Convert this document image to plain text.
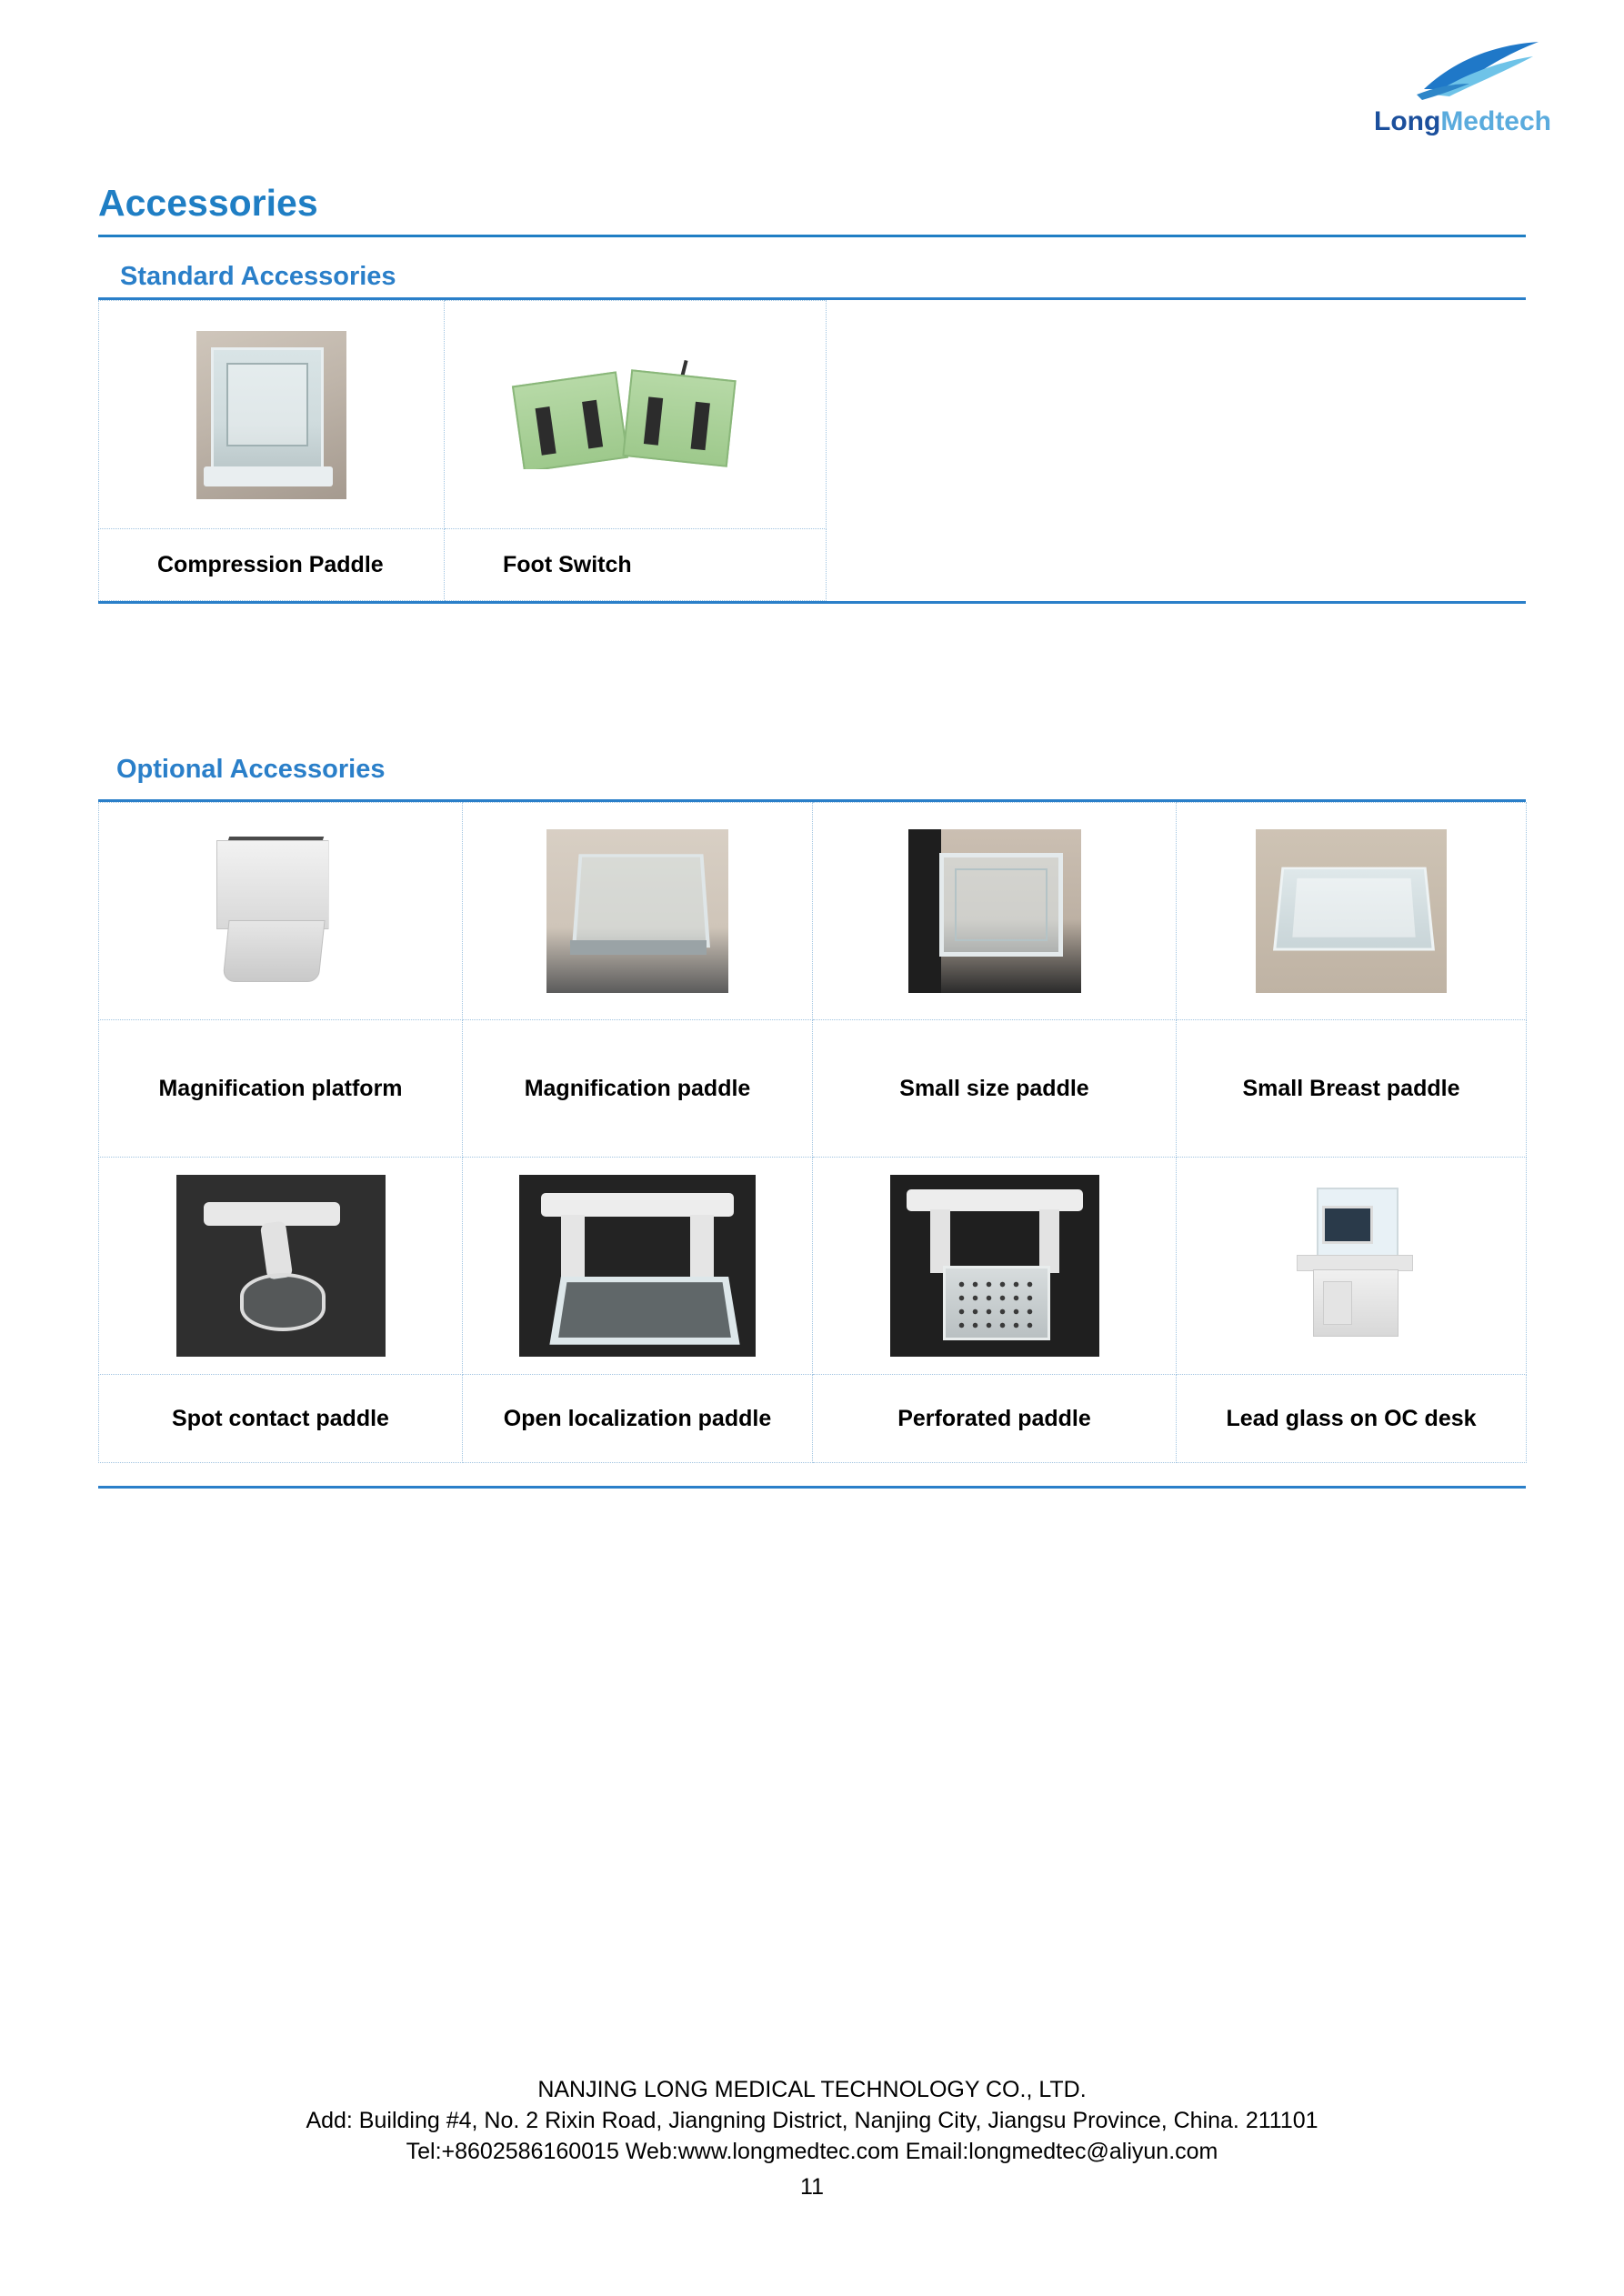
LongMedtech
Accessories
Standard Accessories

Compression Paddle	Foot Switch
Optional Accessories

Magnification platform	Magnification paddle	Small size paddle	Small Breast paddle

Spot contact paddle	Open localization paddle	Perforated paddle	Lead glass on OC desk
NANJING LONG MEDICAL TECHNOLOGY CO., LTD.
Add: Building #4, No. 2 Rixin Road, Jiangning District, Nanjing City, Jiangsu Province, China. 211101
Tel:+8602586160015 Web:www.longmedtec.com Email:longmedtec@aliyun.com
11
